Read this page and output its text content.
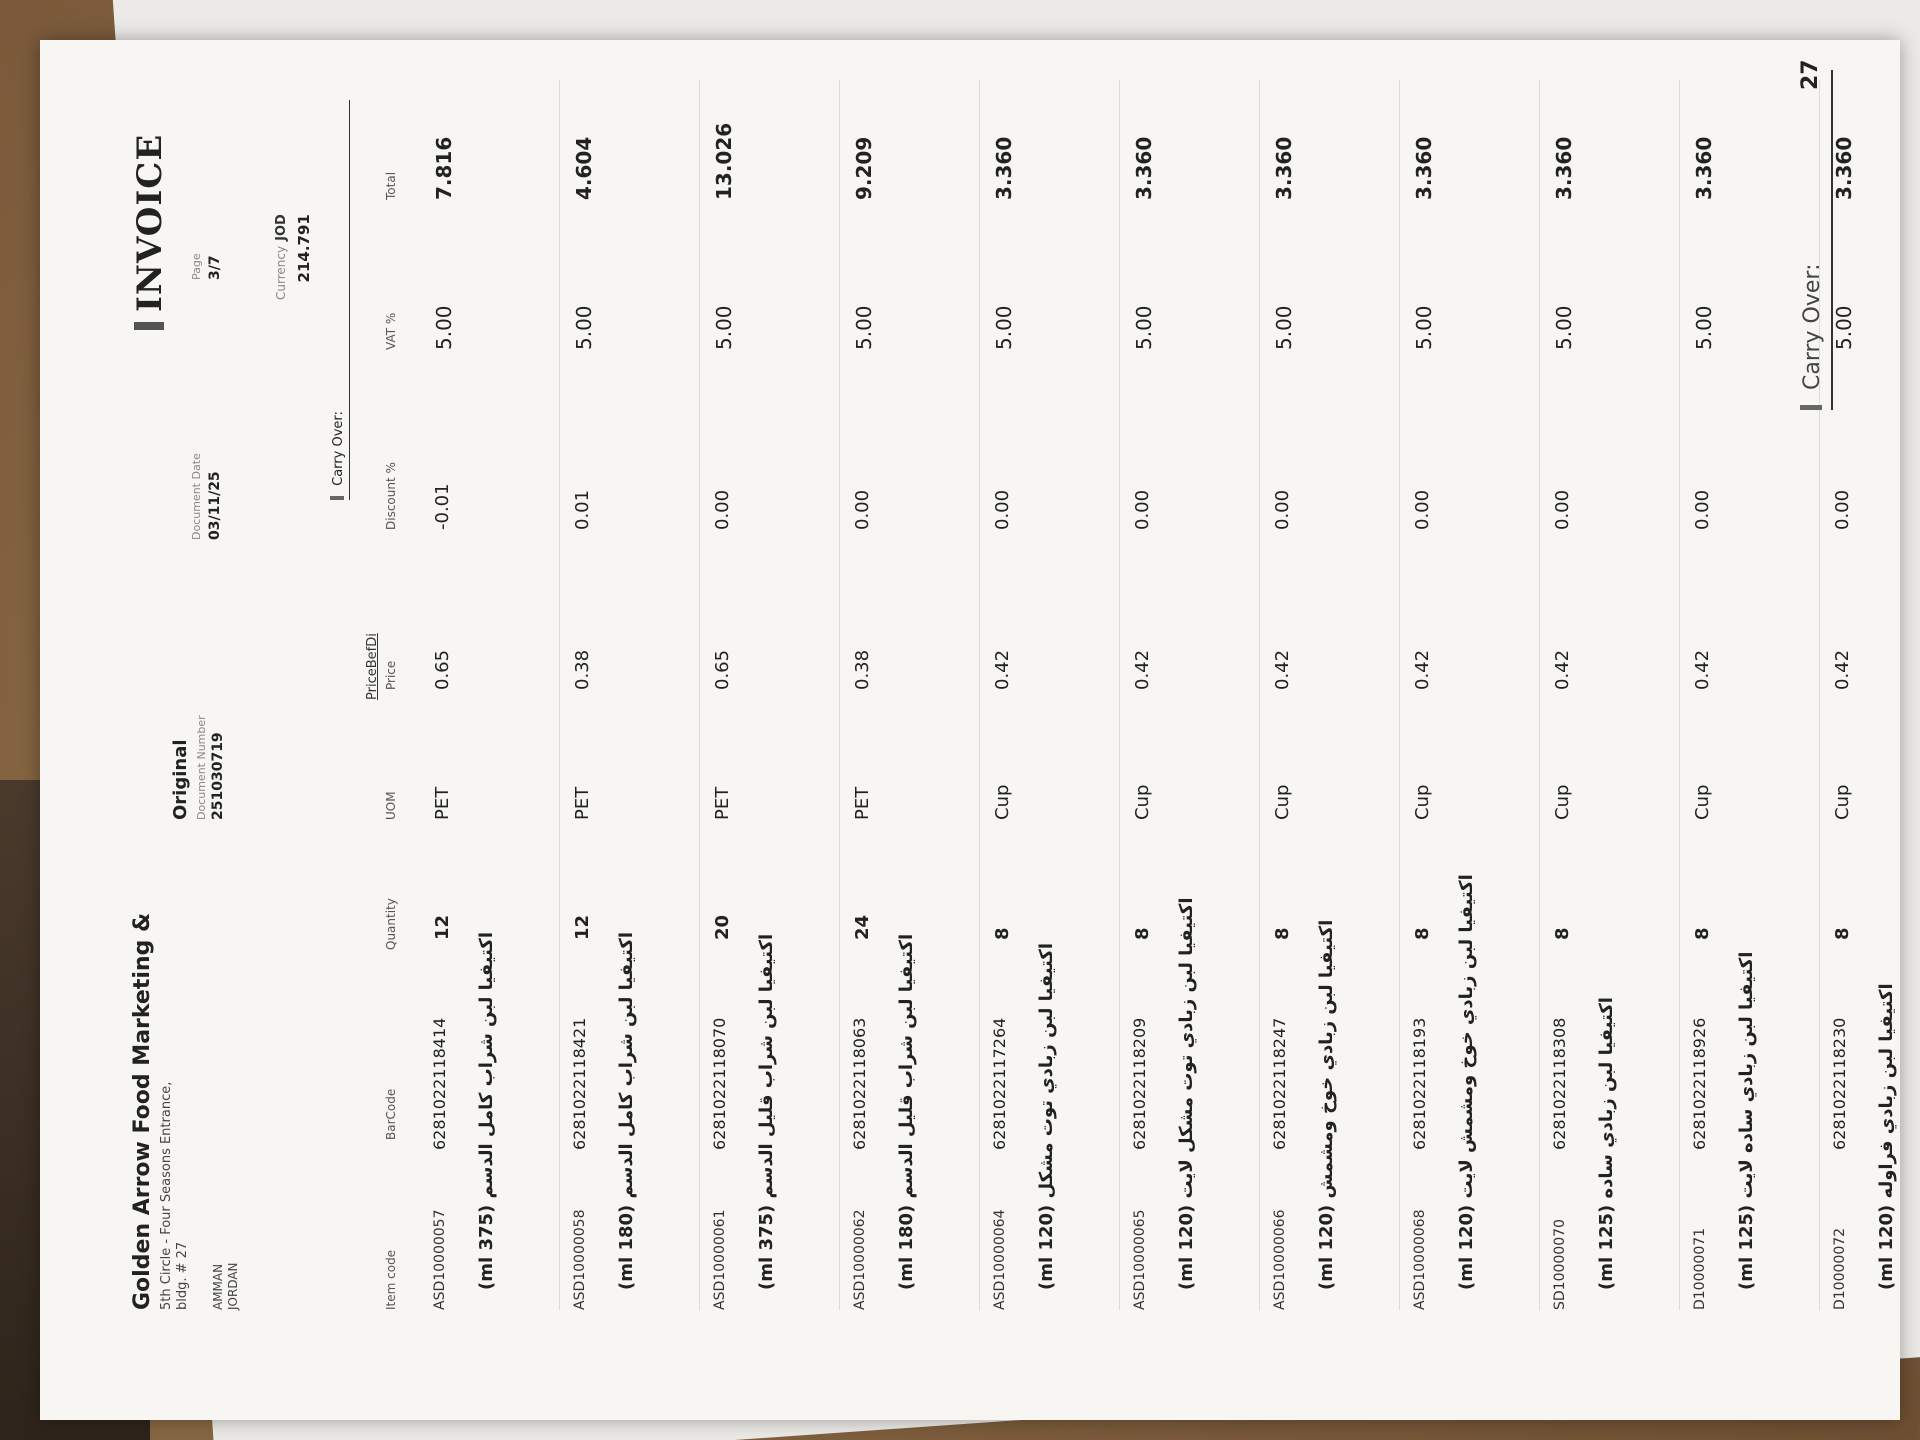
Golden Arrow Food Marketing & 5th Circle - Four Seasons Entrance, bldg. # 27 AMMAN JORDAN
Original Document Number 251030719
Document Date 03/11/25
INVOICE Page 3/7	Currency JOD 214.791
Carry Over:
PriceBefDi
Item code
BarCode
Quantity
UOM
Price
Discount %
VAT %
Total
ASD10000057
6281022118414
12
PET
0.65
-0.01
5.00
7.816
اكتيفيا لبن شراب كامل الدسم (375 ml)
ASD10000058
6281022118421
12
PET
0.38
0.01
5.00
4.604
اكتيفيا لبن شراب كامل الدسم (180 ml)
ASD10000061
6281022118070
20
PET
0.65
0.00
5.00
13.026
اكتيفيا لبن شراب قليل الدسم (375 ml)
ASD10000062
6281022118063
24
PET
0.38
0.00
5.00
9.209
اكتيفيا لبن شراب قليل الدسم (180 ml)
ASD10000064
6281022117264
8
Cup
0.42
0.00
5.00
3.360
اكتيفيا لبن زبادي توت مشكل (120 ml)
ASD10000065
6281022118209
8
Cup
0.42
0.00
5.00
3.360
اكتيفيا لبن زبادي توت مشكل لايت (120 ml)
ASD10000066
6281022118247
8
Cup
0.42
0.00
5.00
3.360
اكتيفيا لبن زبادي خوخ ومشمش (120 ml)
ASD10000068
6281022118193
8
Cup
0.42
0.00
5.00
3.360
اكتيفيا لبن زبادي خوخ ومشمش لايت (120 ml)
SD10000070
6281022118308
8
Cup
0.42
0.00
5.00
3.360
اكتيفيا لبن زبادي ساده (125 ml)
D10000071
6281022118926
8
Cup
0.42
0.00
5.00
3.360
اكتيفيا لبن زبادي ساده لايت (125 ml)
D10000072
6281022118230
8
Cup
0.42
0.00
5.00
3.360
اكتيفيا لبن زبادي فراوله (120 ml)
Carry Over:
27
